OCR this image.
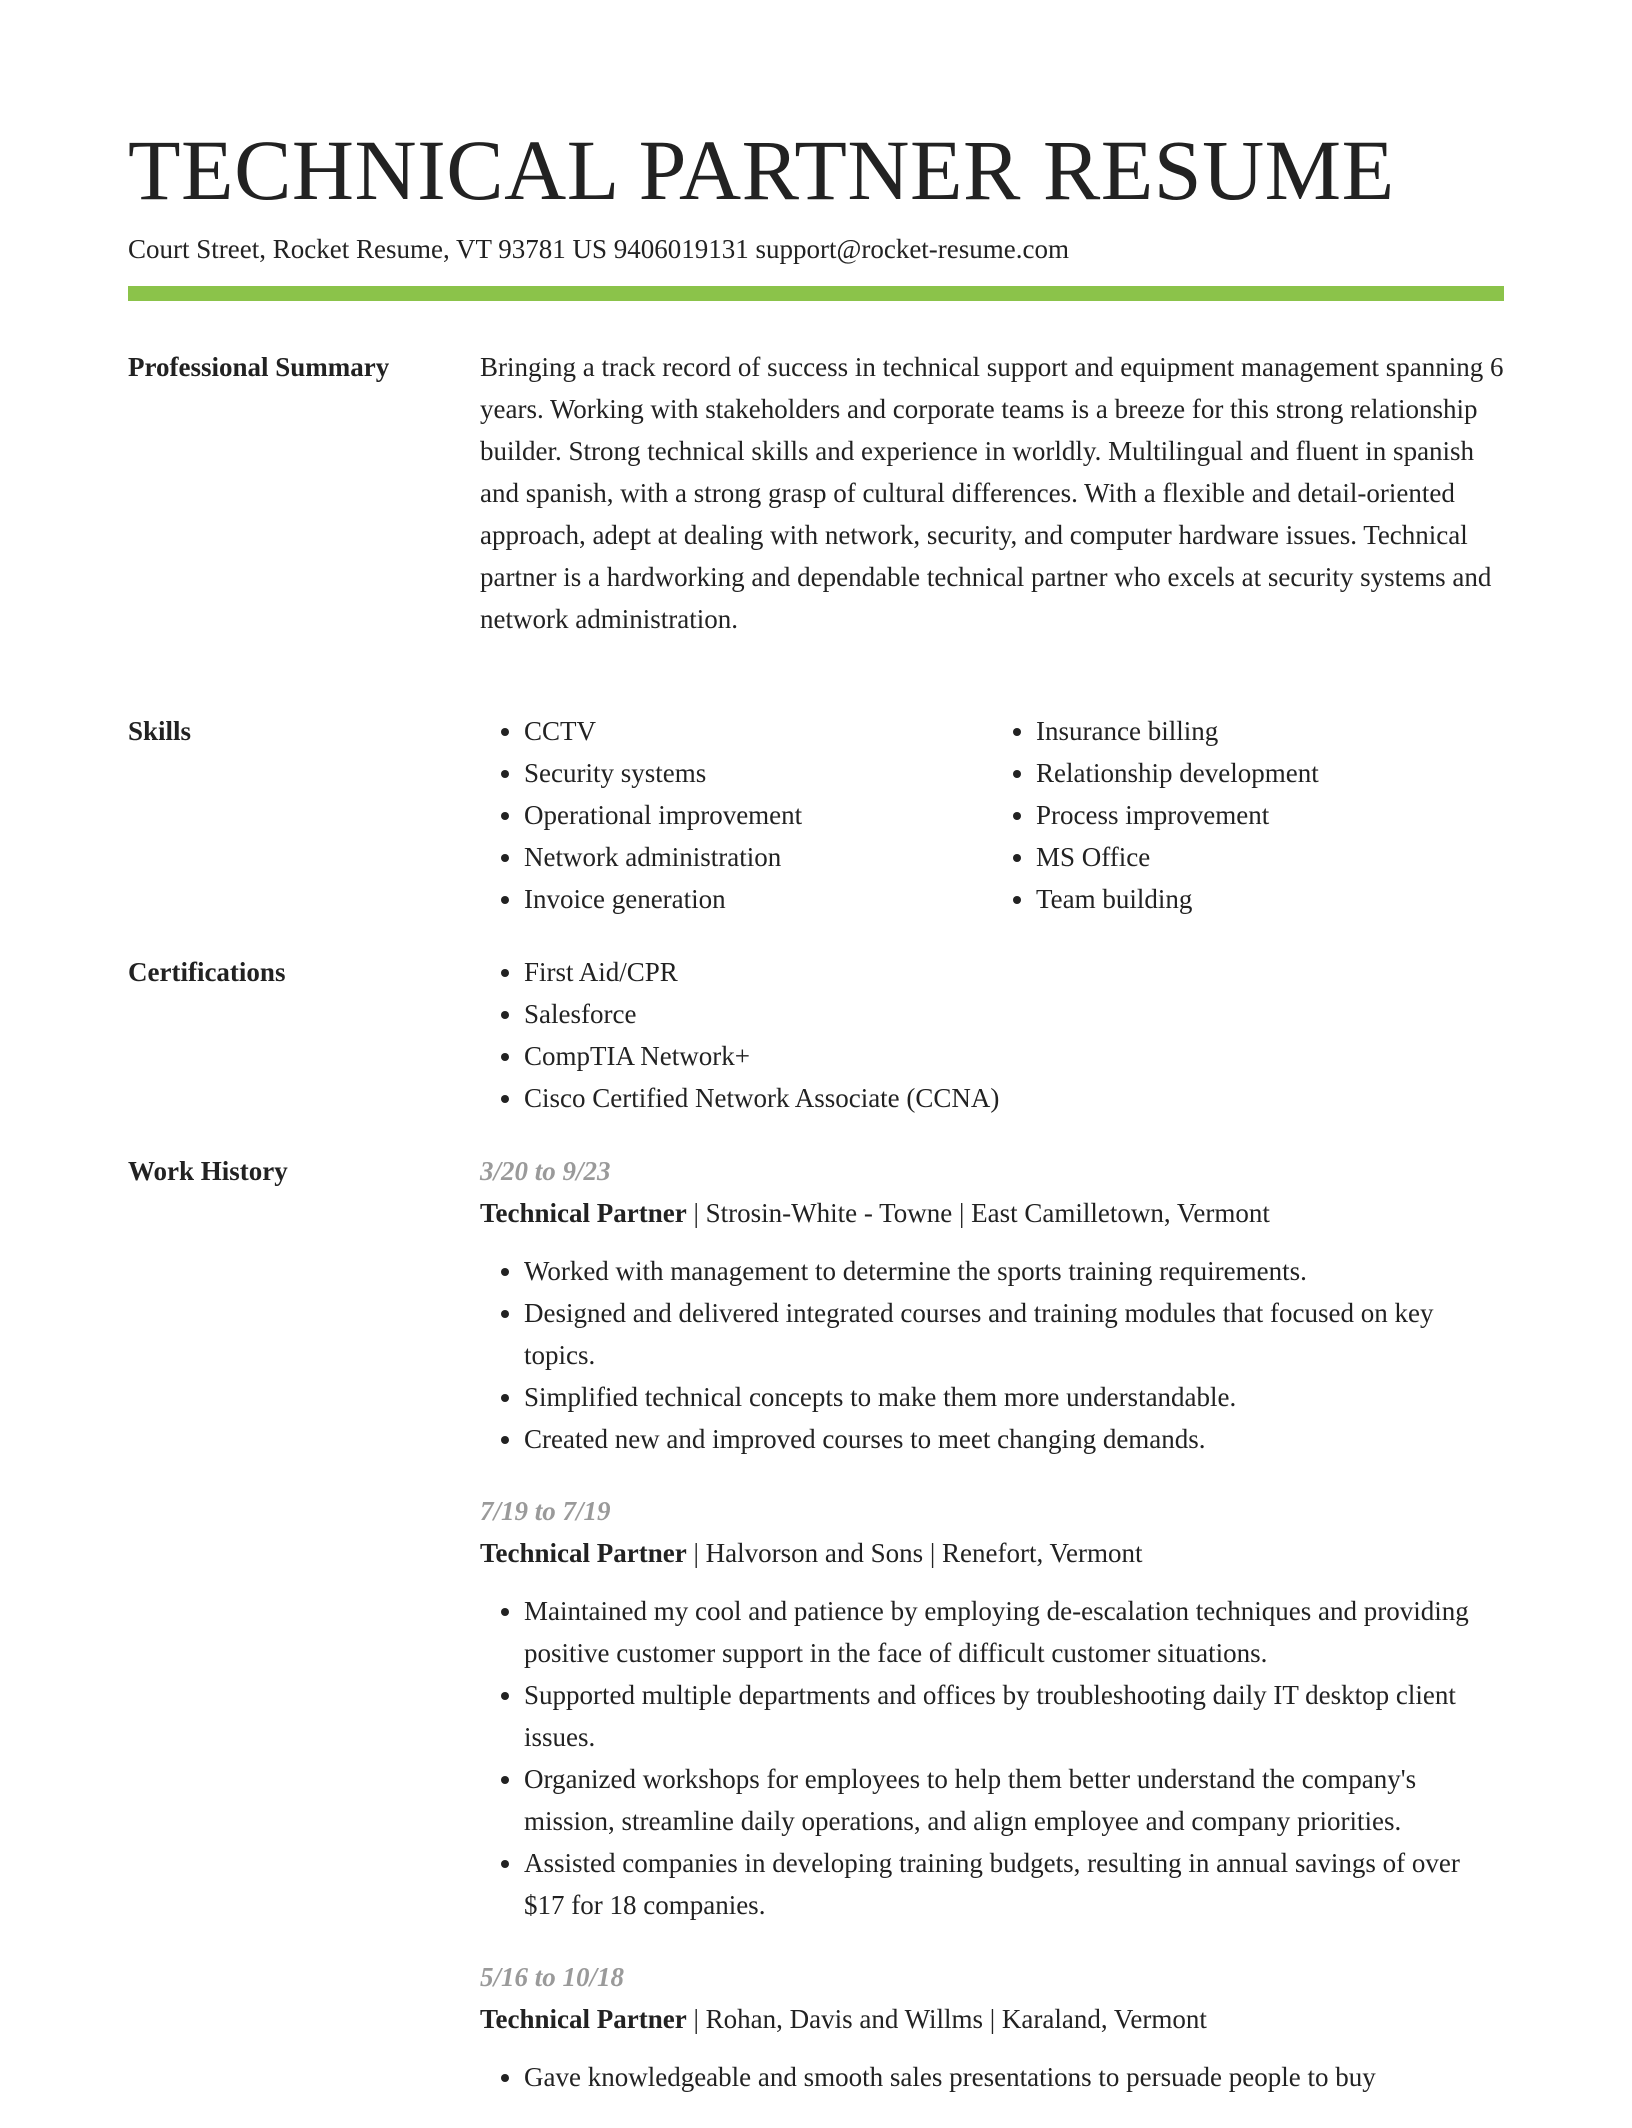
TECHNICAL PARTNER RESUME
Court Street, Rocket Resume, VT 93781 US 9406019131 support@rocket-resume.com
Professional Summary	Bringing a track record of success in technical support and equipment management spanning 6 years. Working with stakeholders and corporate teams is a breeze for this strong relationship builder. Strong technical skills and experience in worldly. Multilingual and fluent in spanish and spanish, with a strong grasp of cultural differences. With a flexible and detail-oriented approach, adept at dealing with network, security, and computer hardware issues. Technical partner is a hardworking and dependable technical partner who excels at security systems and network administration.

Skills	• CCTV
• Security systems
• Operational improvement
• Network administration
• Invoice generation
• Insurance billing
• Relationship development
• Process improvement
• MS Office
• Team building
Certifications	• First Aid/CPR
• Salesforce
• CompTIA Network+
• Cisco Certified Network Associate (CCNA)
Work History	3/20 to 9/23
Technical Partner | Strosin-White - Towne | East Camilletown, Vermont
• Worked with management to determine the sports training requirements.
• Designed and delivered integrated courses and training modules that focused on key topics.
• Simplified technical concepts to make them more understandable.
• Created new and improved courses to meet changing demands.
7/19 to 7/19
Technical Partner | Halvorson and Sons | Renefort, Vermont
• Maintained my cool and patience by employing de-escalation techniques and providing positive customer support in the face of difficult customer situations.
• Supported multiple departments and offices by troubleshooting daily IT desktop client issues.
• Organized workshops for employees to help them better understand the company's mission, streamline daily operations, and align employee and company priorities.
• Assisted companies in developing training budgets, resulting in annual savings of over $17 for 18 companies.
5/16 to 10/18
Technical Partner | Rohan, Davis and Willms | Karaland, Vermont
• Gave knowledgeable and smooth sales presentations to persuade people to buy
